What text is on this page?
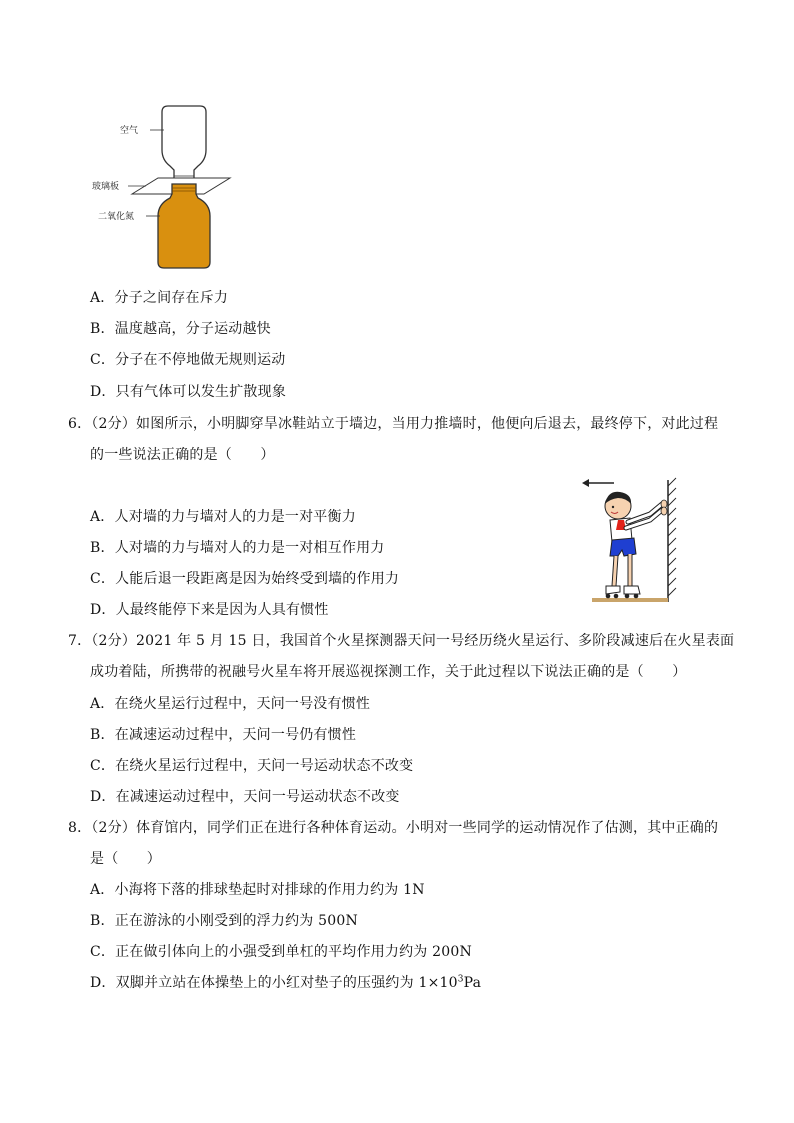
空气
玻璃板
二氧化氮
A．分子之间存在斥力
B．温度越高，分子运动越快
C．分子在不停地做无规则运动
D．只有气体可以发生扩散现象
6．（2分）如图所示，小明脚穿旱冰鞋站立于墙边，当用力推墙时，他便向后退去，最终停下，对此过程
的一些说法正确的是（　　）
A．人对墙的力与墙对人的力是一对平衡力
B．人对墙的力与墙对人的力是一对相互作用力
C．人能后退一段距离是因为始终受到墙的作用力
D．人最终能停下来是因为人具有惯性
7．（2分）2021 年 5 月 15 日，我国首个火星探测器天问一号经历绕火星运行、多阶段减速后在火星表面
成功着陆，所携带的祝融号火星车将开展巡视探测工作，关于此过程以下说法正确的是（　　）
A．在绕火星运行过程中，天问一号没有惯性
B．在减速运动过程中，天问一号仍有惯性
C．在绕火星运行过程中，天问一号运动状态不改变
D．在减速运动过程中，天问一号运动状态不改变
8．（2分）体育馆内，同学们正在进行各种体育运动。小明对一些同学的运动情况作了估测，其中正确的
是（　　）
A．小海将下落的排球垫起时对排球的作用力约为 1N
B．正在游泳的小刚受到的浮力约为 500N
C．正在做引体向上的小强受到单杠的平均作用力约为 200N
D．双脚并立站在体操垫上的小红对垫子的压强约为 $1\times 10^3Pa$
